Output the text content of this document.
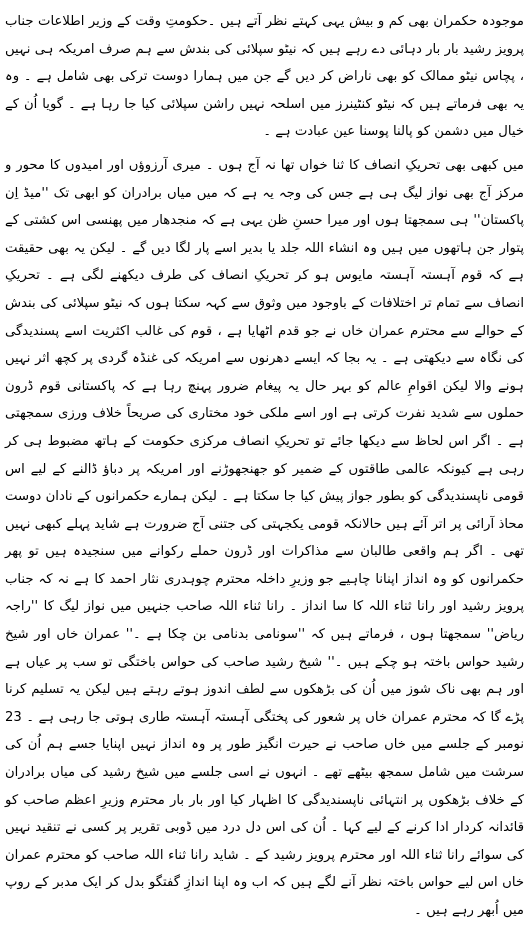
موجودہ حکمران بھی کم و بیش یہی کہتے نظر آتے ہیں ۔حکومتِ وقت کے وزیر اطلاعات جناب پرویز رشید بار بار دہائی دے رہے ہیں کہ نیٹو سپلائی کی بندش سے ہم صرف امریکہ ہی نہیں ، پچاس نیٹو ممالک کو بھی ناراض کر دیں گے جن میں ہمارا دوست ترکی بھی شامل ہے ۔ وہ یہ بھی فرماتے ہیں کہ نیٹو کنٹینرز میں اسلحہ نہیں راشن سپلائی کیا جا رہا ہے ۔ گویا اُن کے خیال میں دشمن کو پالنا پوسنا عین عبادت ہے ۔

میں کبھی بھی تحریکِ انصاف کا ثنا خواں تھا نہ آج ہوں ۔ میری آرزوؤں اور امیدوں کا محور و مرکز آج بھی نواز لیگ ہی ہے جس کی وجہ یہ ہے کہ میں میاں برادران کو ابھی تک ''میڈ اِن پاکستان'' ہی سمجھتا ہوں اور میرا حسنِ ظن یہی ہے کہ منجدھار میں پھنسی اس کشتی کے پتوار جن ہاتھوں میں ہیں وہ انشاء اللہ جلد یا بدیر اسے پار لگا دیں گے ۔ لیکن یہ بھی حقیقت ہے کہ قوم آہستہ آہستہ مایوس ہو کر تحریکِ انصاف کی طرف دیکھنے لگی ہے ۔ تحریکِ انصاف سے تمام تر اختلافات کے باوجود میں وثوق سے کہہ سکتا ہوں کہ نیٹو سپلائی کی بندش کے حوالے سے محترم عمران خاں نے جو قدم اٹھایا ہے ، قوم کی غالب اکثریت اسے پسندیدگی کی نگاہ سے دیکھتی ہے ۔ یہ بجا کہ ایسے دھرنوں سے امریکہ کی غنڈہ گردی پر کچھ اثر نہیں ہونے والا لیکن اقوامِ عالم کو بہر حال یہ پیغام ضرور پہنچ رہا ہے کہ پاکستانی قوم ڈرون حملوں سے شدید نفرت کرتی ہے اور اسے ملکی خود مختاری کی صریحاً خلاف ورزی سمجھتی ہے ۔ اگر اس لحاظ سے دیکھا جائے تو تحریکِ انصاف مرکزی حکومت کے ہاتھ مضبوط ہی کر رہی ہے کیونکہ عالمی طاقتوں کے ضمیر کو جھنجھوڑنے اور امریکہ پر دباؤ ڈالنے کے لیے اس قومی ناپسندیدگی کو بطور جواز پیش کیا جا سکتا ہے ۔ لیکن ہمارے حکمرانوں کے نادان دوست محاذ آرائی پر اتر آئے ہیں حالانکہ قومی یکجہتی کی جتنی آج ضرورت ہے شاید پہلے کبھی نہیں تھی ۔ اگر ہم واقعی طالبان سے مذاکرات اور ڈرون حملے رکوانے میں سنجیدہ ہیں تو پھر حکمرانوں کو وہ انداز اپنانا چاہیے جو وزیرِ داخلہ محترم چوہدری نثار احمد کا ہے نہ کہ جناب پرویز رشید اور رانا ثناء اللہ کا سا انداز ۔ رانا ثناء اللہ صاحب جنہیں میں نواز لیگ کا ''راجہ ریاض'' سمجھتا ہوں ، فرماتے ہیں کہ ''سونامی بدنامی بن چکا ہے ۔'' عمران خاں اور شیخ رشید حواس باختہ ہو چکے ہیں ۔'' شیخ رشید صاحب کی حواس باختگی تو سب پر عیاں ہے اور ہم بھی ناک شوز میں اُن کی بڑھکوں سے لطف اندوز ہوتے رہتے ہیں لیکن یہ تسلیم کرنا پڑے گا کہ محترم عمران خاں پر شعور کی پختگی آہستہ آہستہ طاری ہوتی جا رہی ہے ۔ 23 نومبر کے جلسے میں خاں صاحب نے حیرت انگیز طور پر وہ انداز نہیں اپنایا جسے ہم اُن کی سرشت میں شامل سمجھ بیٹھے تھے ۔ انہوں نے اسی جلسے میں شیخ رشید کی میاں برادران کے خلاف بڑھکوں پر انتہائی ناپسندیدگی کا اظہار کیا اور بار بار محترم وزیرِ اعظم صاحب کو قائدانہ کردار ادا کرنے کے لیے کہا ۔ اُن کی اس دل درد میں ڈوبی تقریر پر کسی نے تنقید نہیں کی سوائے رانا ثناء اللہ اور محترم پرویز رشید کے ۔ شاید رانا ثناء اللہ صاحب کو محترم عمران خاں اس لیے حواس باختہ نظر آنے لگے ہیں کہ اب وہ اپنا اندازِ گفتگو بدل کر ایک مدبر کے روپ میں اُبھر رہے ہیں ۔
